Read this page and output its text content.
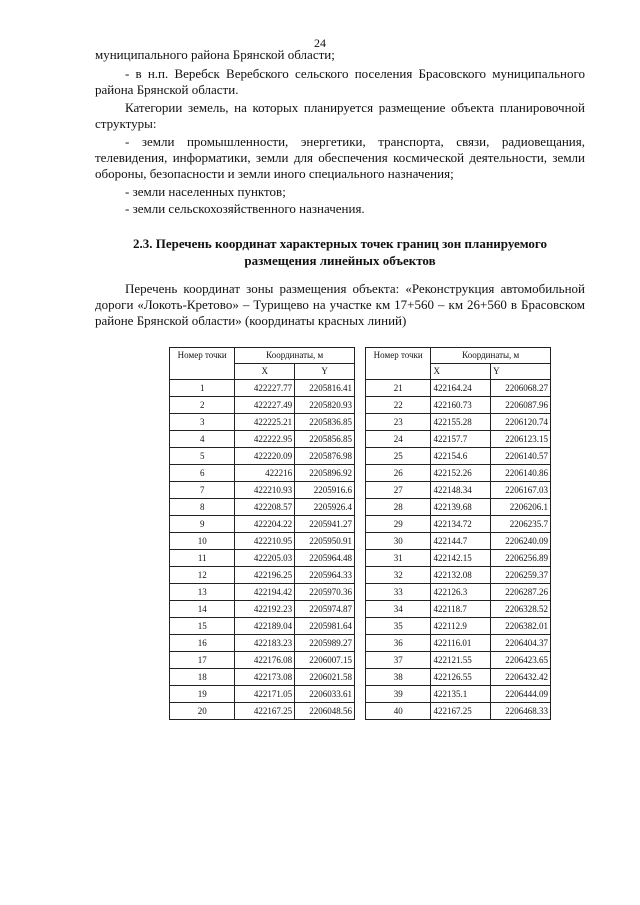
24

муниципального района Брянской области;

- в н.п. Веребск Веребского сельского поселения Брасовского муниципального района Брянской области.

Категории земель, на которых планируется размещение объекта планировочной структуры:

- земли промышленности, энергетики, транспорта, связи, радиовещания, телевидения, информатики, земли для обеспечения космической деятельности, земли обороны, безопасности и земли иного специального назначения;

- земли населенных пунктов;

- земли сельскохозяйственного назначения.

2.3. Перечень координат характерных точек границ зон планируемого размещения линейных объектов

Перечень координат зоны размещения объекта: «Реконструкция автомобильной дороги «Локоть-Кретово» – Турищево на участке км 17+560 – км 26+560 в Брасовском районе Брянской области» (координаты красных линий)

Номер точки	Координаты, м	
	X	Y
1	422227.77	2205816.41
2	422227.49	2205820.93
3	422225.21	2205836.85
4	422222.95	2205856.85
5	422220.09	2205876.98
6	422216	2205896.92
7	422210.93	2205916.6
8	422208.57	2205926.4
9	422204.22	2205941.27
10	422210.95	2205950.91
11	422205.03	2205964.48
12	422196.25	2205964.33
13	422194.42	2205970.36
14	422192.23	2205974.87
15	422189.04	2205981.64
16	422183.23	2205989.27
17	422176.08	2206007.15
18	422173.08	2206021.58
19	422171.05	2206033.61
20	422167.25	2206048.56
Номер точки	Координаты, м	
	X	Y
21	422164.24	2206068.27
22	422160.73	2206087.96
23	422155.28	2206120.74
24	422157.7	2206123.15
25	422154.6	2206140.57
26	422152.26	2206140.86
27	422148.34	2206167.03
28	422139.68	2206206.1
29	422134.72	2206235.7
30	422144.7	2206240.09
31	422142.15	2206256.89
32	422132.08	2206259.37
33	422126.3	2206287.26
34	422118.7	2206328.52
35	422112.9	2206382.01
36	422116.01	2206404.37
37	422121.55	2206423.65
38	422126.55	2206432.42
39	422135.1	2206444.09
40	422167.25	2206468.33
